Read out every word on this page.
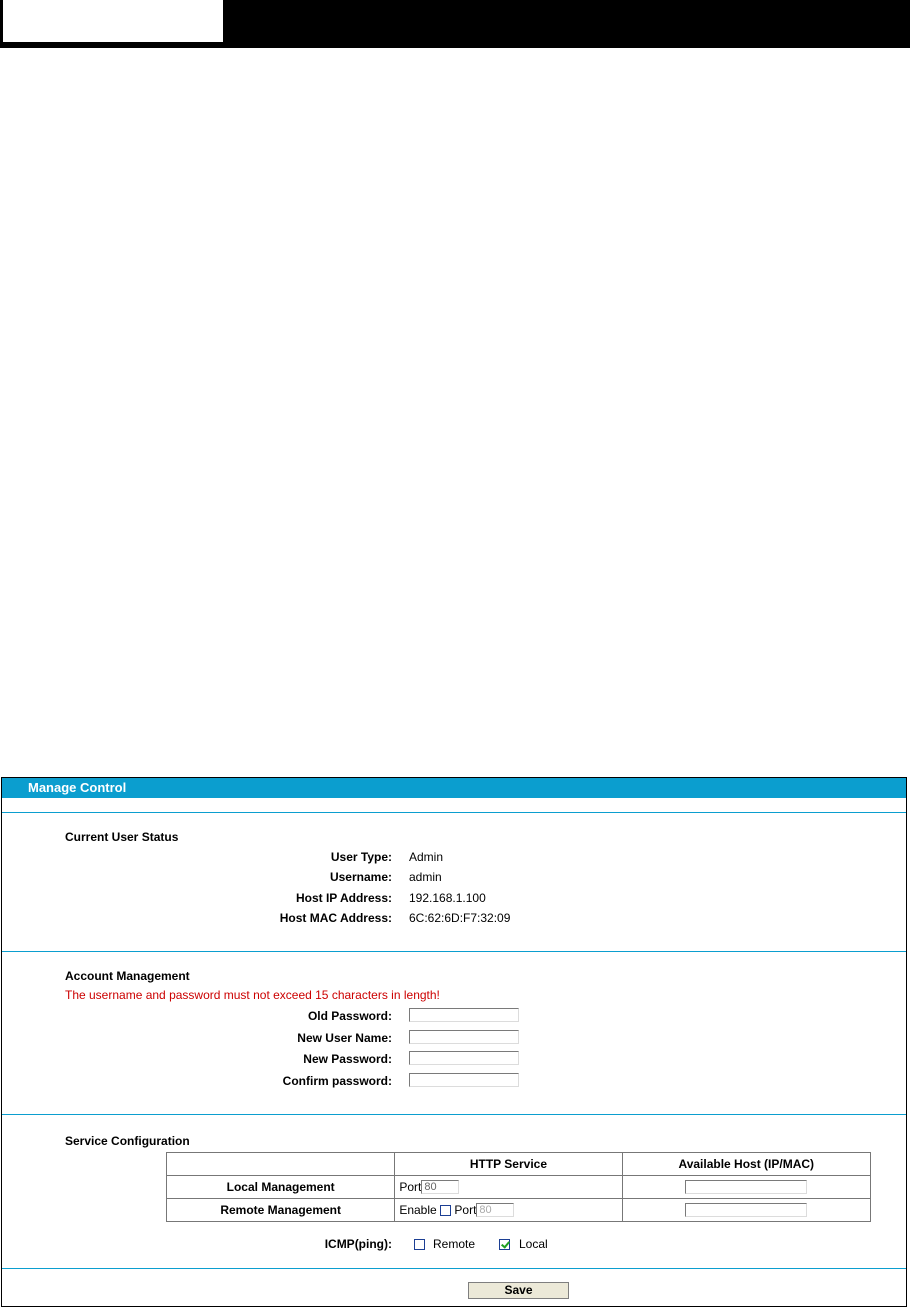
Manage Control
Current User Status
User Type: Admin
Username: admin
Host IP Address: 192.168.1.100
Host MAC Address: 6C:62:6D:F7:32:09
Account Management
The username and password must not exceed 15 characters in length!
Old Password:
New User Name:
New Password:
Confirm password:
Service Configuration
	HTTP Service	Available Host (IP/MAC)
Local Management	Port 80	

Remote Management	Enable Port 80	
ICMP(ping):	Remote	Local
Save
